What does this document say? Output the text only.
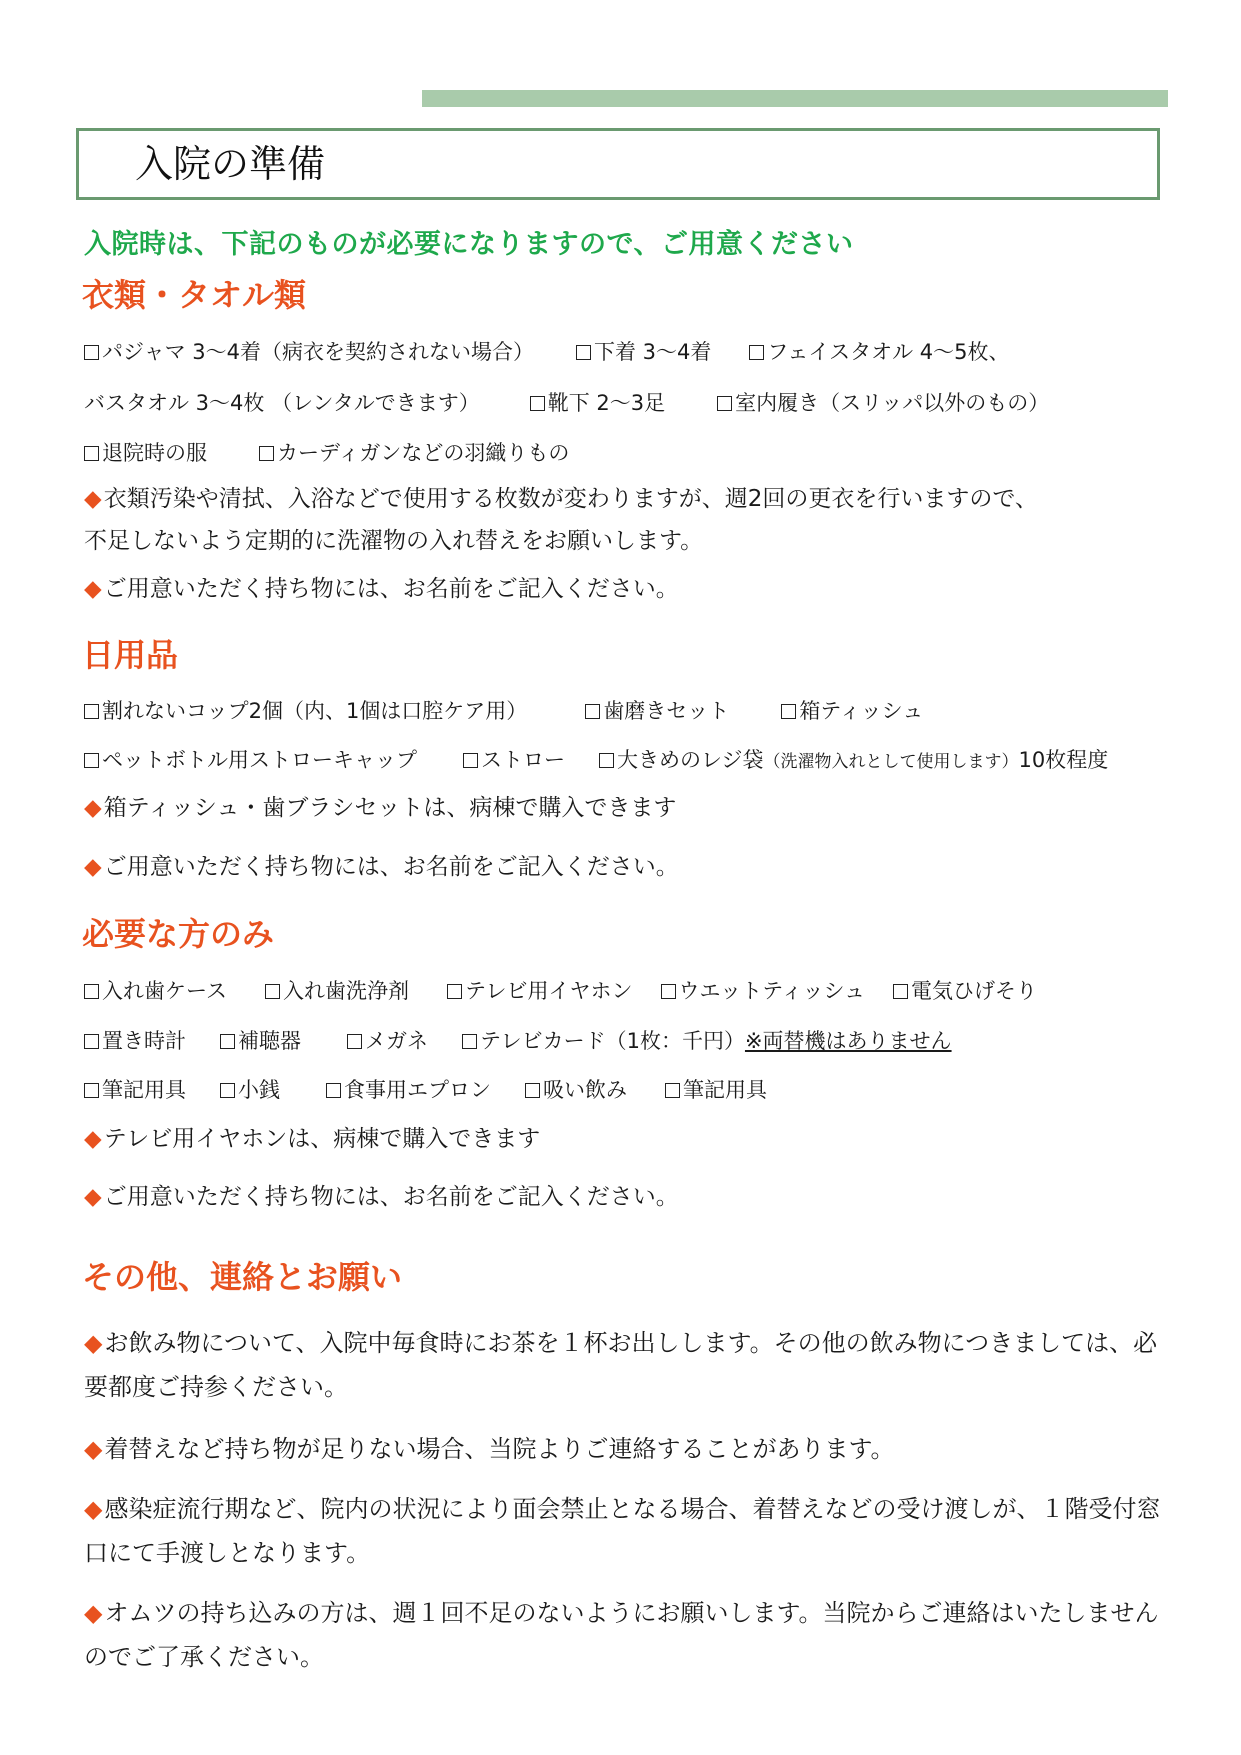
入院の準備
入院時は、下記のものが必要になりますので、ご用意ください
衣類・タオル類
パジャマ 3～4着（病衣を契約されない場合）	下着 3～4着	フェイスタオル 4～5枚、
バスタオル 3～4枚 （レンタルできます）	靴下 2～3足	室内履き（スリッパ以外のもの）
退院時の服	カーディガンなどの羽織りもの
◆衣類汚染や清拭、入浴などで使用する枚数が変わりますが、週2回の更衣を行いますので、
不足しないよう定期的に洗濯物の入れ替えをお願いします。
◆ご用意いただく持ち物には、お名前をご記入ください。
日用品
割れないコップ2個（内、1個は口腔ケア用）	歯磨きセット	箱ティッシュ
ペットボトル用ストローキャップ	ストロー 大きめのレジ袋（洗濯物入れとして使用します）10枚程度
◆箱ティッシュ・歯ブラシセットは、病棟で購入できます
◆ご用意いただく持ち物には、お名前をご記入ください。
必要な方のみ
入れ歯ケース	入れ歯洗浄剤	テレビ用イヤホン ウエットティッシュ 電気ひげそり
置き時計 補聴器	メガネ テレビカード（1枚：千円）※両替機はありません
筆記用具 小銭	食事用エプロン 吸い飲み	筆記用具
◆テレビ用イヤホンは、病棟で購入できます
◆ご用意いただく持ち物には、お名前をご記入ください。
その他、連絡とお願い
◆お飲み物について、入院中毎食時にお茶を１杯お出しします。その他の飲み物につきましては、必要都度ご持参ください。
◆着替えなど持ち物が足りない場合、当院よりご連絡することがあります。
◆感染症流行期など、院内の状況により面会禁止となる場合、着替えなどの受け渡しが、１階受付窓口にて手渡しとなります。
◆オムツの持ち込みの方は、週１回不足のないようにお願いします。当院からご連絡はいたしませんのでご了承ください。
